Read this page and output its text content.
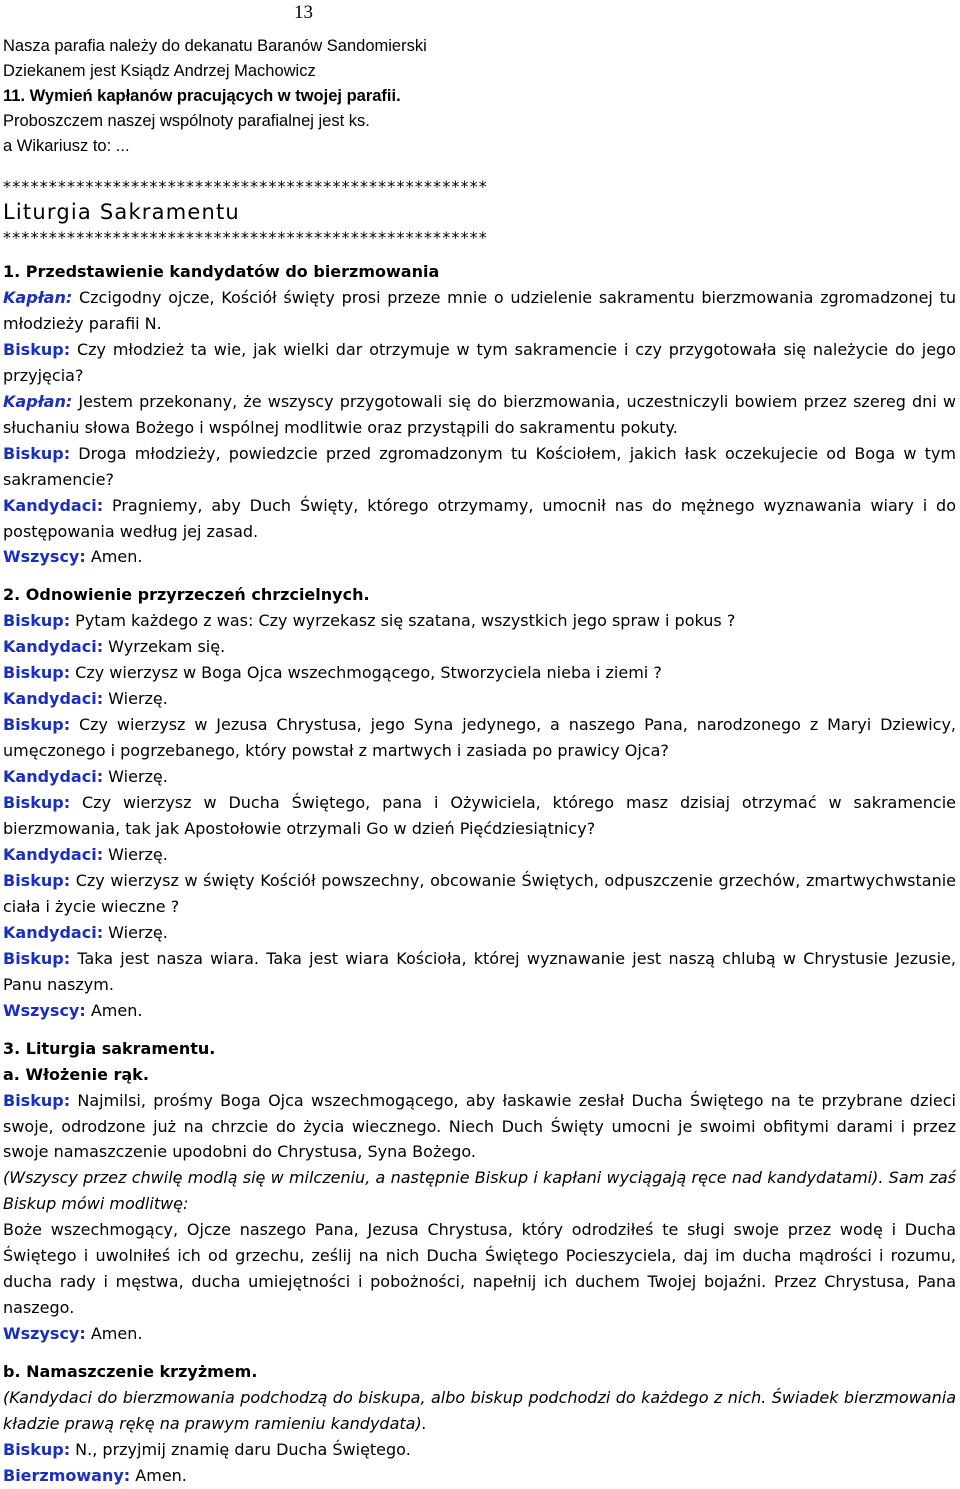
13
Nasza parafia należy do dekanatu Baranów Sandomierski
Dziekanem jest Ksiądz Andrzej Machowicz
11. Wymień kapłanów pracujących w twojej parafii.
Proboszczem naszej wspólnoty parafialnej jest ks.
a Wikariusz to: ...
*****************************************************
Liturgia Sakramentu
*****************************************************

1. Przedstawienie kandydatów do bierzmowania

Kapłan: Czcigodny ojcze, Kościół święty prosi przeze mnie o udzielenie sakramentu bierzmowania zgromadzonej tu młodzieży parafii N.

Biskup: Czy młodzież ta wie, jak wielki dar otrzymuje w tym sakramencie i czy przygotowała się należycie do jego przyjęcia?

Kapłan: Jestem przekonany, że wszyscy przygotowali się do bierzmowania, uczestniczyli bowiem przez szereg dni w słuchaniu słowa Bożego i wspólnej modlitwie oraz przystąpili do sakramentu pokuty.

Biskup: Droga młodzieży, powiedzcie przed zgromadzonym tu Kościołem, jakich łask oczekujecie od Boga w tym sakramencie?

Kandydaci: Pragniemy, aby Duch Święty, którego otrzymamy, umocnił nas do mężnego wyznawania wiary i do postępowania według jej zasad.

Wszyscy: Amen.

2. Odnowienie przyrzeczeń chrzcielnych.

Biskup: Pytam każdego z was: Czy wyrzekasz się szatana, wszystkich jego spraw i pokus ?

Kandydaci: Wyrzekam się.

Biskup: Czy wierzysz w Boga Ojca wszechmogącego, Stworzyciela nieba i ziemi ?

Kandydaci: Wierzę.

Biskup: Czy wierzysz w Jezusa Chrystusa, jego Syna jedynego, a naszego Pana, narodzonego z Maryi Dziewicy, umęczonego i pogrzebanego, który powstał z martwych i zasiada po prawicy Ojca?

Kandydaci: Wierzę.

Biskup: Czy wierzysz w Ducha Świętego, pana i Ożywiciela, którego masz dzisiaj otrzymać w sakramencie bierzmowania, tak jak Apostołowie otrzymali Go w dzień Pięćdziesiątnicy?

Kandydaci: Wierzę.

Biskup: Czy wierzysz w święty Kościół powszechny, obcowanie Świętych, odpuszczenie grzechów, zmartwychwstanie ciała i życie wieczne ?

Kandydaci: Wierzę.

Biskup: Taka jest nasza wiara. Taka jest wiara Kościoła, której wyznawanie jest naszą chlubą w Chrystusie Jezusie, Panu naszym.

Wszyscy: Amen.

3. Liturgia sakramentu.

a. Włożenie rąk.

Biskup: Najmilsi, prośmy Boga Ojca wszechmogącego, aby łaskawie zesłał Ducha Świętego na te przybrane dzieci swoje, odrodzone już na chrzcie do życia wiecznego. Niech Duch Święty umocni je swoimi obfitymi darami i przez swoje namaszczenie upodobni do Chrystusa, Syna Bożego.

(Wszyscy przez chwilę modlą się w milczeniu, a następnie Biskup i kapłani wyciągają ręce nad kandydatami). Sam zaś Biskup mówi modlitwę:

Boże wszechmogący, Ojcze naszego Pana, Jezusa Chrystusa, który odrodziłeś te sługi swoje przez wodę i Ducha Świętego i uwolniłeś ich od grzechu, ześlij na nich Ducha Świętego Pocieszyciela, daj im ducha mądrości i rozumu, ducha rady i męstwa, ducha umiejętności i pobożności, napełnij ich duchem Twojej bojaźni. Przez Chrystusa, Pana naszego.

Wszyscy: Amen.

b. Namaszczenie krzyżmem.

(Kandydaci do bierzmowania podchodzą do biskupa, albo biskup podchodzi do każdego z nich. Świadek bierzmowania kładzie prawą rękę na prawym ramieniu kandydata).

Biskup: N., przyjmij znamię daru Ducha Świętego.

Bierzmowany: Amen.
